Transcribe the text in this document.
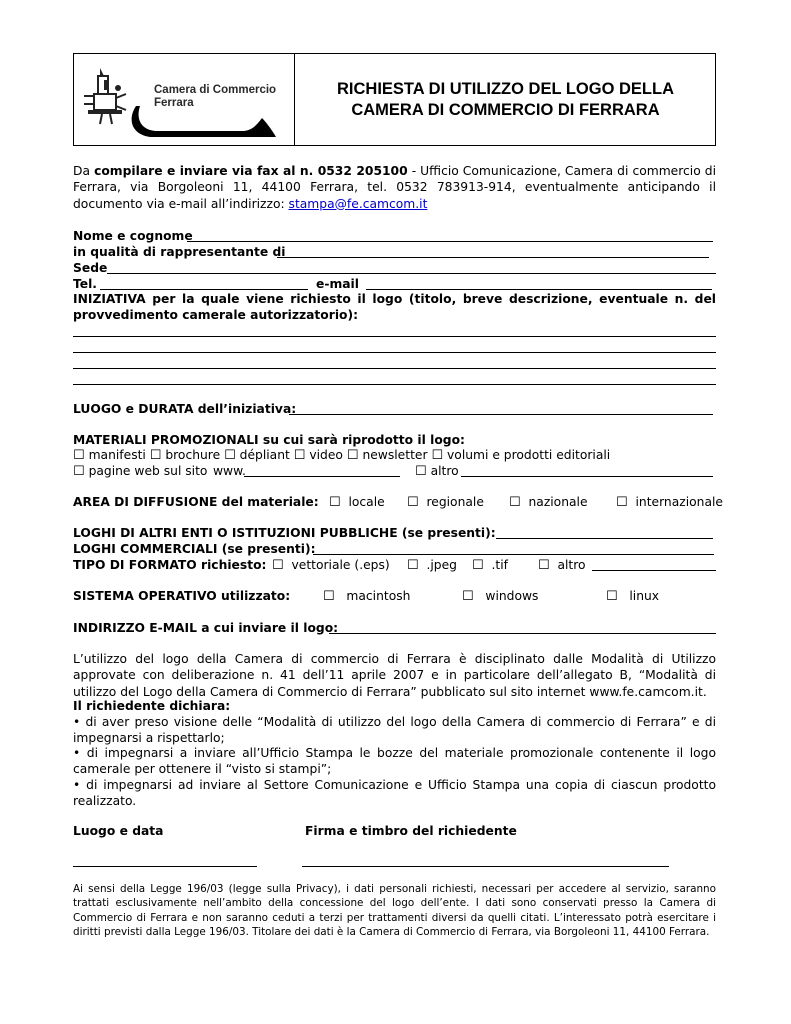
Camera di Commercio
Ferrara
RICHIESTA DI UTILIZZO DEL LOGO DELLA
CAMERA DI COMMERCIO DI FERRARA
Da compilare e inviare via fax al n. 0532 205100 - Ufficio Comunicazione, Camera di commercio di Ferrara, via Borgoleoni 11, 44100 Ferrara, tel. 0532 783913-914, eventualmente anticipando il documento via e-mail all’indirizzo: stampa@fe.camcom.it
Nome e cognome
in qualità di rappresentante di
Sede
Tel.	e-mail
INIZIATIVA per la quale viene richiesto il logo (titolo, breve descrizione, eventuale n. del provvedimento camerale autorizzatorio):
LUOGO e DURATA dell’iniziativa:
MATERIALI PROMOZIONALI su cui sarà riprodotto il logo:
☐ manifesti ☐ brochure ☐ dépliant ☐ video ☐ newsletter ☐ volumi e prodotti editoriali
☐ pagine web sul sito www.	☐ altro
AREA DI DIFFUSIONE del materiale: ☐ locale ☐ regionale ☐ nazionale ☐ internazionale
LOGHI DI ALTRI ENTI O ISTITUZIONI PUBBLICHE (se presenti):
LOGHI COMMERCIALI (se presenti):
TIPO DI FORMATO richiesto: ☐ vettoriale (.eps) ☐ .jpeg ☐ .tif ☐ altro
SISTEMA OPERATIVO utilizzato:	☐ macintosh	☐ windows	☐ linux
INDIRIZZO E-MAIL a cui inviare il logo:
L’utilizzo del logo della Camera di commercio di Ferrara è disciplinato dalle Modalità di Utilizzo approvate con deliberazione n. 41 dell’11 aprile 2007 e in particolare dell’allegato B, “Modalità di utilizzo del Logo della Camera di Commercio di Ferrara” pubblicato sul sito internet www.fe.camcom.it.
Il richiedente dichiara:
• di aver preso visione delle “Modalità di utilizzo del logo della Camera di commercio di Ferrara” e di impegnarsi a rispettarlo;
• di impegnarsi a inviare all’Ufficio Stampa le bozze del materiale promozionale contenente il logo camerale per ottenere il “visto si stampi”;
• di impegnarsi ad inviare al Settore Comunicazione e Ufficio Stampa una copia di ciascun prodotto realizzato.
Luogo e data	Firma e timbro del richiedente
Ai sensi della Legge 196/03 (legge sulla Privacy), i dati personali richiesti, necessari per accedere al servizio, saranno trattati esclusivamente nell’ambito della concessione del logo dell’ente. I dati sono conservati presso la Camera di Commercio di Ferrara e non saranno ceduti a terzi per trattamenti diversi da quelli citati. L’interessato potrà esercitare i diritti previsti dalla Legge 196/03. Titolare dei dati è la Camera di Commercio di Ferrara, via Borgoleoni 11, 44100 Ferrara.
